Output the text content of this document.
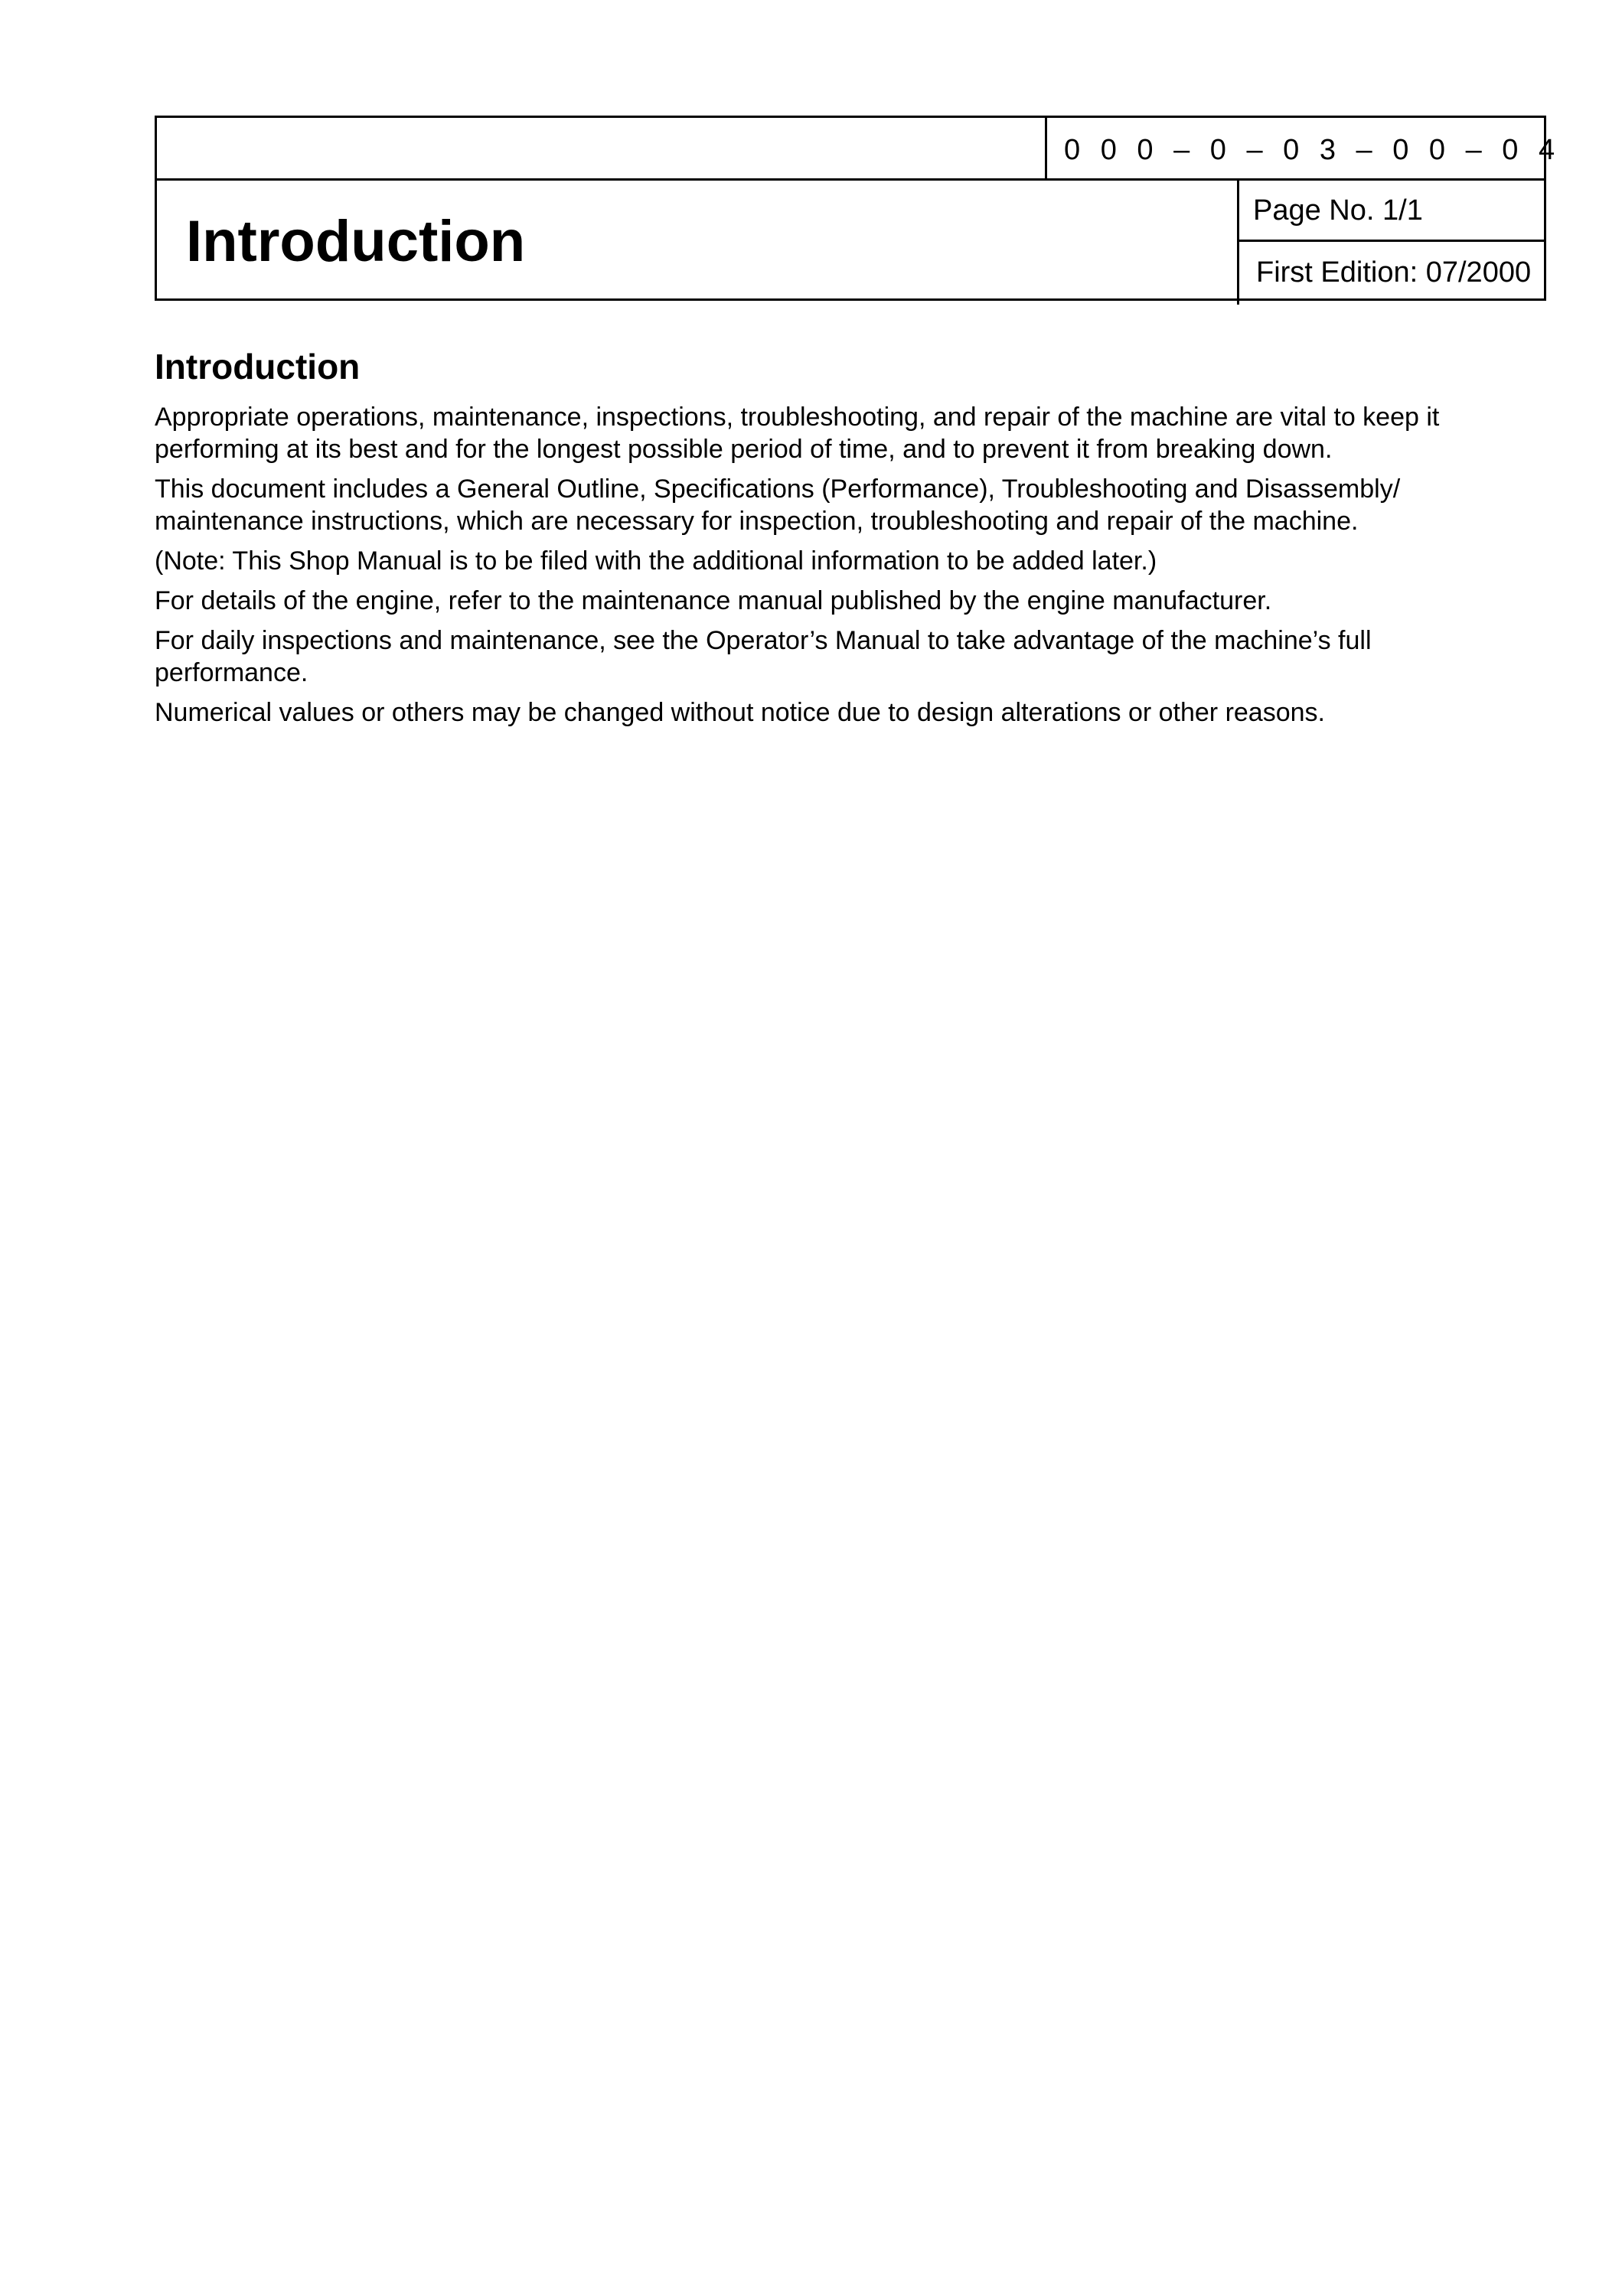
0 0 0 – 0 – 0 3 – 0 0 – 0 4
Introduction	Page No. 1/1
First Edition: 07/2000
Introduction

Appropriate operations, maintenance, inspections, troubleshooting, and repair of the machine are vital to keep it performing at its best and for the longest possible period of time, and to prevent it from breaking down.

This document includes a General Outline, Specifications (Performance), Troubleshooting and Disassembly/ maintenance instructions, which are necessary for inspection, troubleshooting and repair of the machine.

(Note: This Shop Manual is to be filed with the additional information to be added later.)

For details of the engine, refer to the maintenance manual published by the engine manufacturer.

For daily inspections and maintenance, see the Operator’s Manual to take advantage of the machine’s full performance.

Numerical values or others may be changed without notice due to design alterations or other reasons.
